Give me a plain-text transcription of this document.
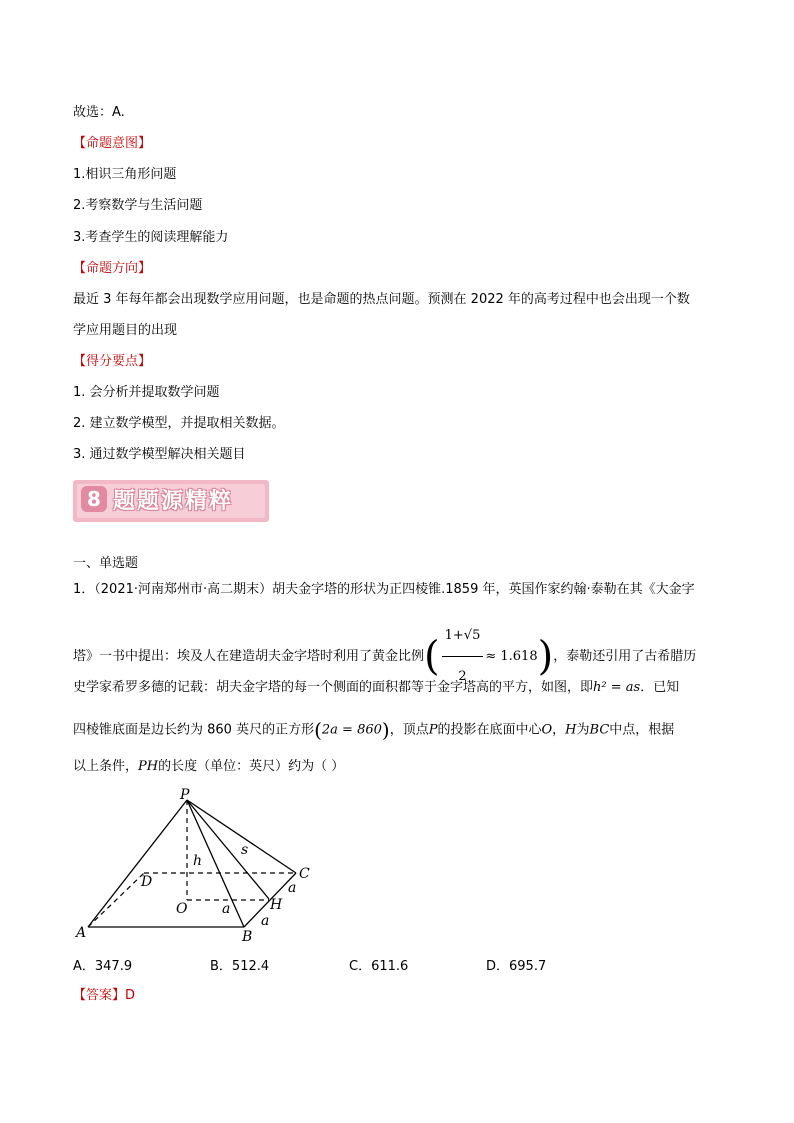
故选：A.
【命题意图】
1.相识三角形问题
2.考察数学与生活问题
3.考查学生的阅读理解能力
【命题方向】
最近 3 年每年都会出现数学应用问题，也是命题的热点问题。预测在 2022 年的高考过程中也会出现一个数
学应用题目的出现
【得分要点】
1. 会分析并提取数学问题
2. 建立数学模型，并提取相关数据。
3. 通过数学模型解决相关题目
8 题题源精粹
一、单选题
1．（2021·河南郑州市·高二期末）胡夫金字塔的形状为正四棱锥.1859 年，英国作家约翰·泰勒在其《大金字
塔》一书中提出：埃及人在建造胡夫金字塔时利用了黄金比例( $\frac{1+√5}{2} \approx 1.618$)，泰勒还引用了古希腊历
史学家希罗多德的记载：胡夫金字塔的每一个侧面的面积都等于金字塔高的平方，如图，即h² = as．已知
四棱锥底面是边长约为 860 英尺的正方形(2a = 860)，顶点P的投影在底面中心O，H为BC中点，根据
以上条件，PH的长度（单位：英尺）约为（ ）
P
A	B
C
D
O	H
h
s
a
a
a
A．347.9	B．512.4	C．611.6	D．695.7
【答案】D
